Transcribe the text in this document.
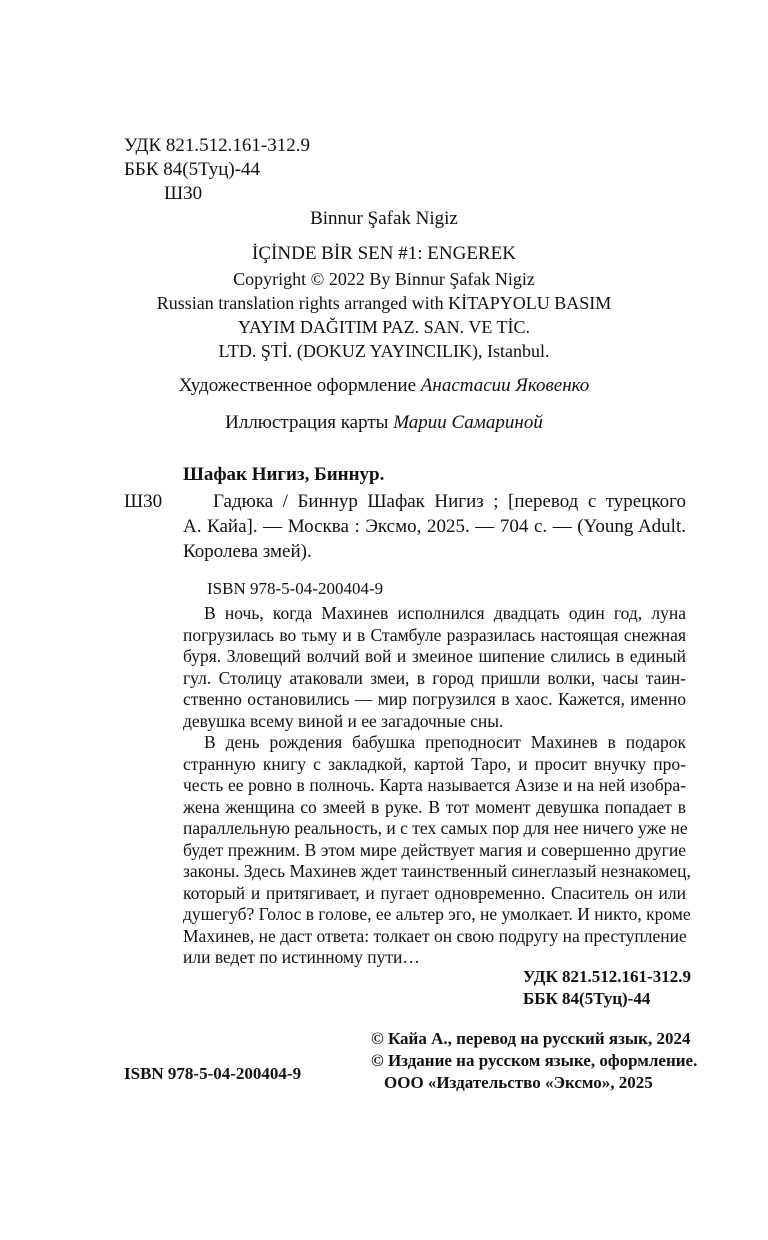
УДК 821.512.161-312.9
ББК 84(5Туц)-44
Ш30
Binnur Şafak Nigiz
İÇİNDE BİR SEN #1: ENGEREK
Copyright © 2022 By Binnur Şafak Nigiz
Russian translation rights arranged with KİTAPYOLU BASIM
YAYIM DAĞITIM PAZ. SAN. VE TİC.
LTD. ŞTİ. (DOKUZ YAYINCILIK), Istanbul.
Художественное оформление Анастасии Яковенко
Иллюстрация карты Марии Самариной
Шафак Нигиз, Биннур.
Ш30	Гадюка / Биннур Шафак Нигиз ; [перевод с турецкого
А. Кайа]. — Москва : Эксмо, 2025. — 704 с. — (Young Adult.
Королева змей).
ISBN 978-5-04-200404-9
В ночь, когда Махинев исполнился двадцать один год, луна
погрузилась во тьму и в Стамбуле разразилась настоящая снежная
буря. Зловещий волчий вой и змеиное шипение слились в единый
гул. Столицу атаковали змеи, в город пришли волки, часы таин-
ственно остановились — мир погрузился в хаос. Кажется, именно
девушка всему виной и ее загадочные сны.
В день рождения бабушка преподносит Махинев в подарок
странную книгу с закладкой, картой Таро, и просит внучку про-
честь ее ровно в полночь. Карта называется Азизе и на ней изобра-
жена женщина со змеей в руке. В тот момент девушка попадает в
параллельную реальность, и с тех самых пор для нее ничего уже не
будет прежним. В этом мире действует магия и совершенно другие
законы. Здесь Махинев ждет таинственный синеглазый незнакомец,
который и притягивает, и пугает одновременно. Спаситель он или
душегуб? Голос в голове, ее альтер эго, не умолкает. И никто, кроме
Махинев, не даст ответа: толкает он свою подругу на преступление
или ведет по истинному пути…
УДК 821.512.161-312.9
ББК 84(5Туц)-44
ISBN 978-5-04-200404-9
© Кайа А., перевод на русский язык, 2024
© Издание на русском языке, оформление.
ООО «Издательство «Эксмо», 2025
